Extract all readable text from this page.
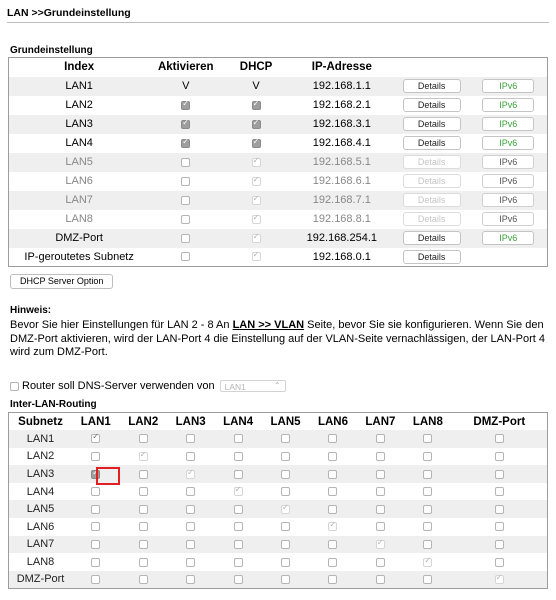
LAN >>Grundeinstellung
Grundeinstellung
Index	Aktivieren	DHCP	IP-Adresse		
LAN1	V	V	192.168.1.1	Details	IPv6
LAN2	✓	✓	192.168.2.1	Details	IPv6
LAN3	✓	✓	192.168.3.1	Details	IPv6
LAN4	✓	✓	192.168.4.1	Details	IPv6
LAN5		✓	192.168.5.1	Details	IPv6
LAN6		✓	192.168.6.1	Details	IPv6
LAN7		✓	192.168.7.1	Details	IPv6
LAN8		✓	192.168.8.1	Details	IPv6
DMZ-Port		✓	192.168.254.1	Details	IPv6
IP-geroutetes Subnetz		✓	192.168.0.1	Details	
DHCP Server Option
Hinweis:
Bevor Sie hier Einstellungen für LAN 2 - 8 An LAN >> VLAN Seite, bevor Sie sie konfigurieren. Wenn Sie den DMZ-Port aktivieren, wird der LAN-Port 4 die Einstellung auf der VLAN-Seite vernachlässigen, der LAN-Port 4 wird zum DMZ-Port.
Router soll DNS-Server verwenden von	LAN1 ⌃
Inter-LAN-Routing
Subnetz	LAN1	LAN2	LAN3	LAN4	LAN5	LAN6	LAN7	LAN8	DMZ-Port
LAN1	✓								
LAN2		✓							
LAN3	✓		✓						
LAN4				✓					
LAN5					✓				
LAN6						✓			
LAN7							✓		
LAN8								✓	
DMZ-Port									✓
